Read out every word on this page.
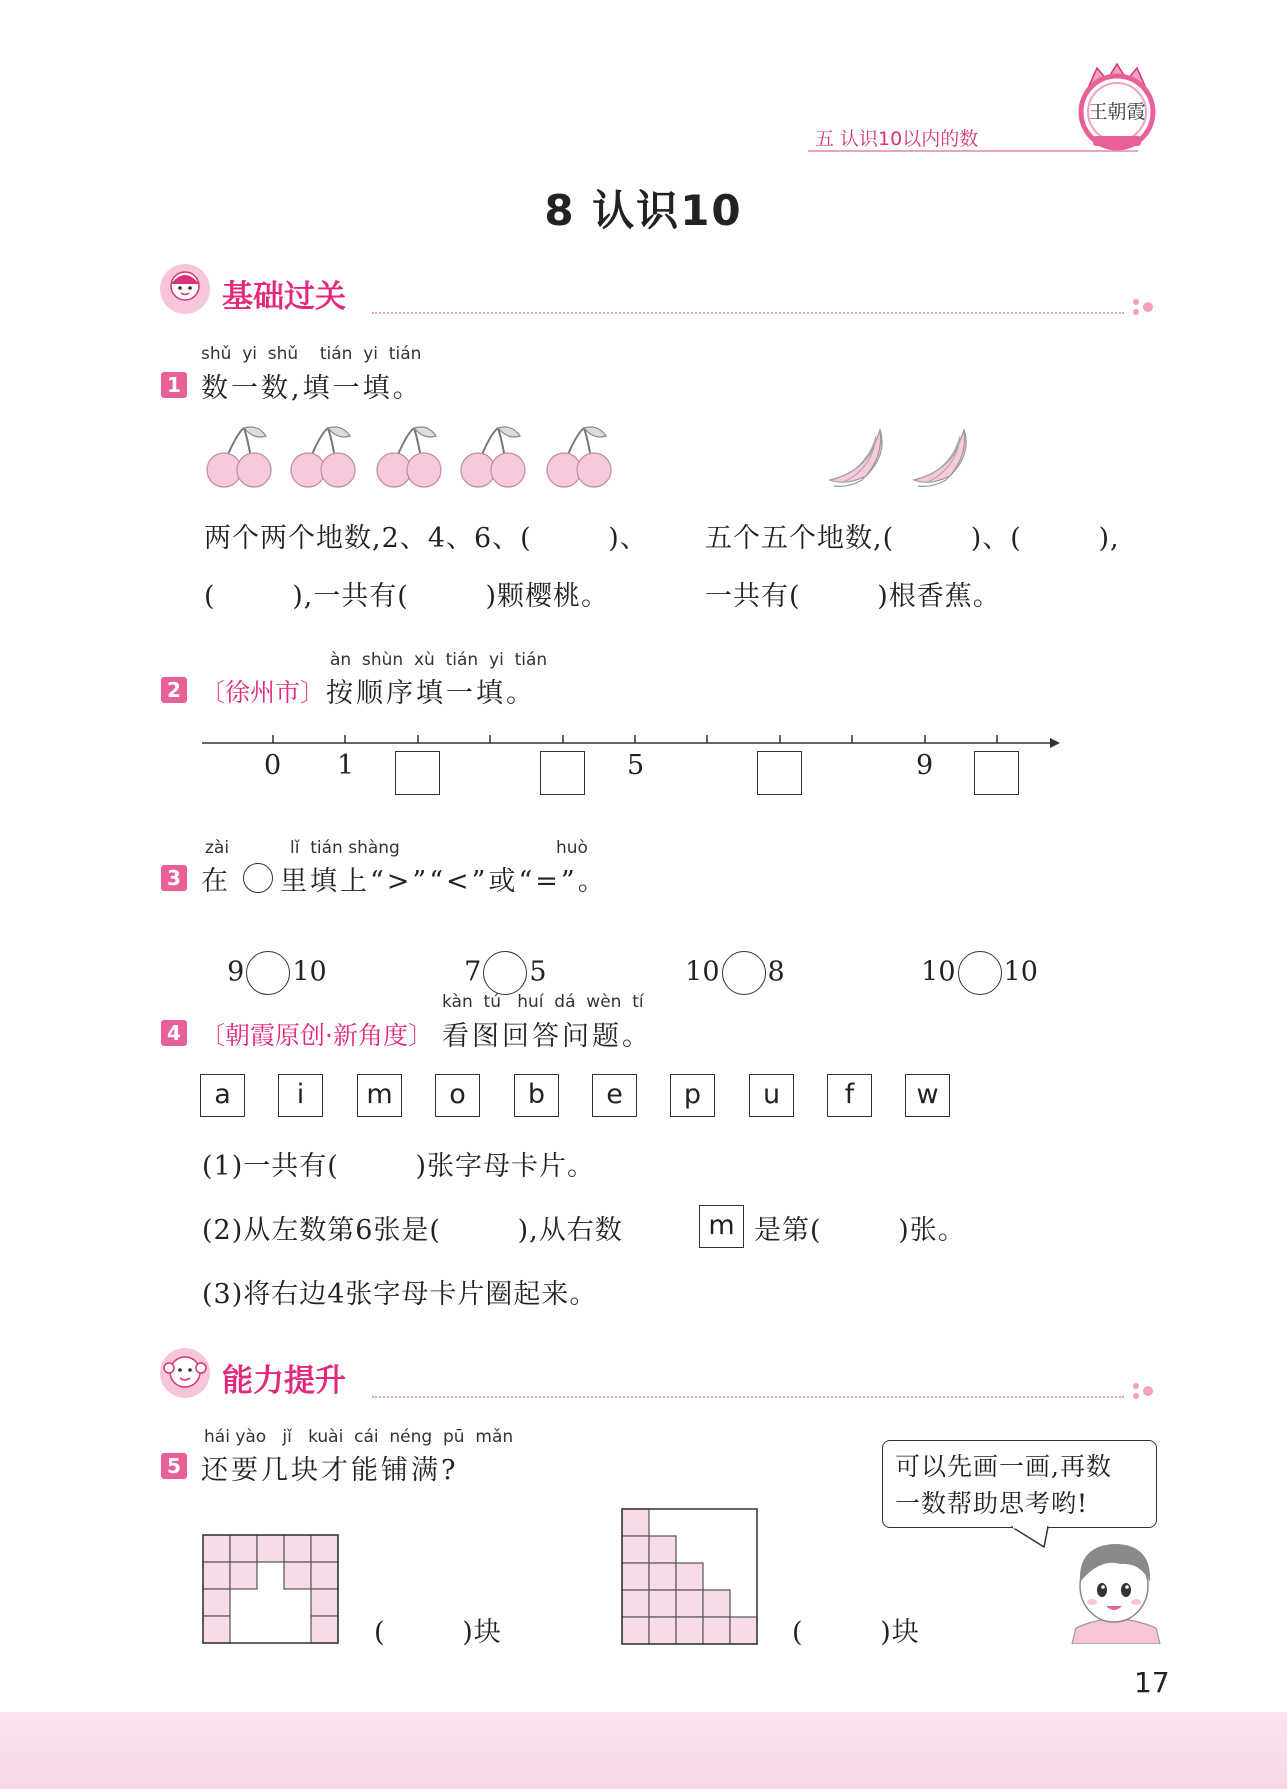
五 认识10以内的数
王朝霞
8 认识10
基础过关
shǔ  yi  shǔ    tián  yi  tián
1 数一数,填一填。
两个两个地数,2、4、6、(        )、
(        ),一共有(        )颗樱桃。
五个五个地数,(        )、(        ),
一共有(        )根香蕉。
àn  shùn  xù  tián  yi  tián
2 〔徐州市〕 按顺序填一填。
0 1	5	9
zài	lǐ  tián shàng	huò
3 在 里填上“>”“<”或“=”。

9 10	7 5	10 8	10 10

kàn  tú   huí  dá  wèn  tí
4 〔朝霞原创·新角度〕 看图回答问题。
a	i	m	o	b	e	p	u	f	w
(1)一共有(        )张字母卡片。
(2)从左数第6张是(        ),从右数	m 是第(        )张。
(3)将右边4张字母卡片圈起来。
能力提升
hái yào   jǐ   kuài  cái  néng  pū  mǎn
5 还要几块才能铺满?
(        )块	(        )块
可以先画一画,再数
一数帮助思考哟!
17
